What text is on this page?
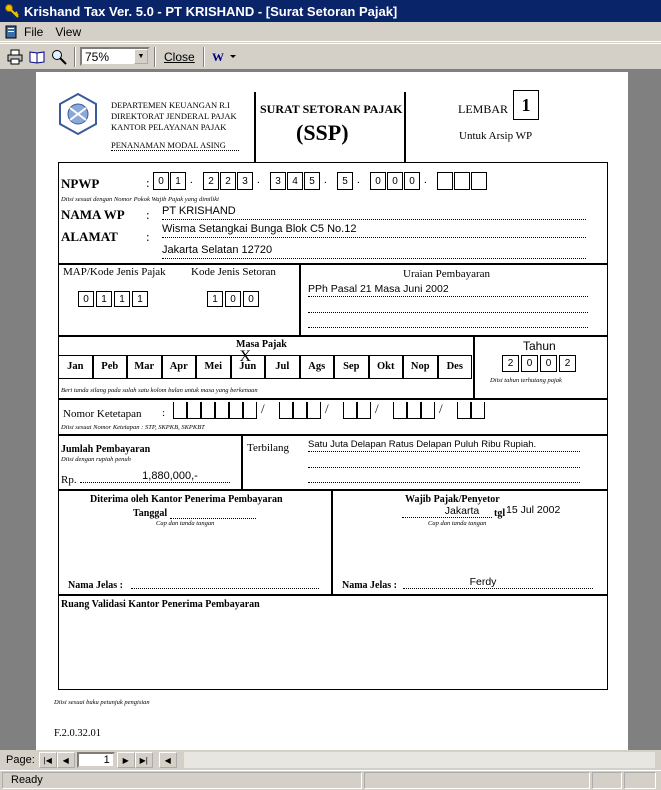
Krishand Tax Ver. 5.0 - PT KRISHAND - [Surat Setoran Pajak]
File View
75%	▼	Close	W
DEPARTEMEN KEUANGAN R.I
DIREKTORAT JENDERAL PAJAK
KANTOR PELAYANAN PAJAK
PENANAMAN MODAL ASING
SURAT SETORAN PAJAK
(SSP)
LEMBAR 1
Untuk Arsip WP
NPWP	:
Diisi sesuai dengan Nomor Pokok Wajib Pajak yang dimiliki
NAMA WP : PT KRISHAND
ALAMAT : Wisma Setangkai Bunga Blok C5 No.12
Jakarta Selatan 12720
MAP/Kode Jenis Pajak Kode Jenis Setoran	Uraian Pembayaran
PPh Pasal 21 Masa Juni 2002
Masa Pajak
Beri tanda silang pada salah satu kolom bulan untuk masa yang berkenaan
Tahun
Diisi tahun terhutang pajak
Nomor Ketetapan :
Diisi sesuai Nomor Ketetapan : STP, SKPKB, SKPKBT
Jumlah Pembayaran
Diisi dengan rupiah penuh
Rp.	1,880,000,-
Terbilang Satu Juta Delapan Ratus Delapan Puluh Ribu Rupiah.
Diterima oleh Kantor Penerima Pembayaran
Tanggal
Cap dan tanda tangan
Nama Jelas :
Wajib Pajak/Penyetor
Jakarta	tgl 15 Jul 2002
Cap dan tanda tangan
Nama Jelas :	Ferdy
Ruang Validasi Kantor Penerima Pembayaran
Diisi sesuai buku petunjuk pengisian
F.2.0.32.01
0	1 .	2	2	3 .	3	4	5 .	5 .	0	0	0 .
0	1	1	1	1	0	0
2	0	0	2
Jan	Peb	Mar	Apr	Mei	Jun	Jul	Ags	Sep	Okt	Nop	Des
X
/	/	/	/
Page:	|◀	◀	1	▶	▶|	◀
Ready
